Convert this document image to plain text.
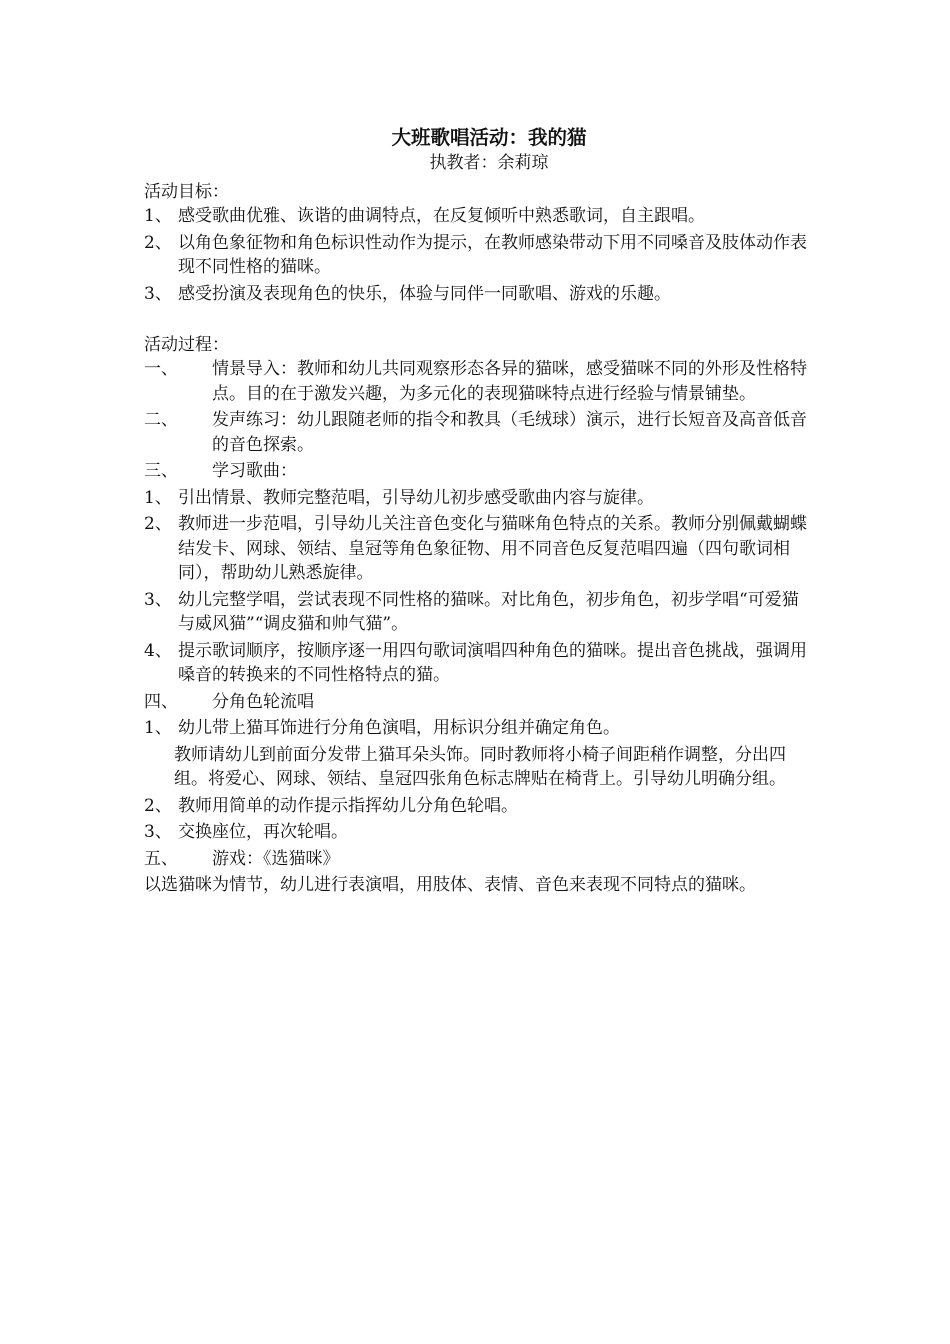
大班歌唱活动：我的猫

执教者：余莉琼

活动目标：

1、 感受歌曲优雅、诙谐的曲调特点，在反复倾听中熟悉歌词，自主跟唱。
2、 以角色象征物和角色标识性动作为提示，在教师感染带动下用不同嗓音及肢体动作表现不同性格的猫咪。
3、 感受扮演及表现角色的快乐，体验与同伴一同歌唱、游戏的乐趣。

活动过程：

一、	情景导入：教师和幼儿共同观察形态各异的猫咪，感受猫咪不同的外形及性格特点。目的在于激发兴趣，为多元化的表现猫咪特点进行经验与情景铺垫。
二、	发声练习：幼儿跟随老师的指令和教具（毛绒球）演示，进行长短音及高音低音的音色探索。
三、	学习歌曲：
1、 引出情景、教师完整范唱，引导幼儿初步感受歌曲内容与旋律。
2、 教师进一步范唱，引导幼儿关注音色变化与猫咪角色特点的关系。教师分别佩戴蝴蝶结发卡、网球、领结、皇冠等角色象征物、用不同音色反复范唱四遍（四句歌词相同），帮助幼儿熟悉旋律。
3、 幼儿完整学唱，尝试表现不同性格的猫咪。对比角色，初步角色，初步学唱“可爱猫与威风猫”“调皮猫和帅气猫”。
4、 提示歌词顺序，按顺序逐一用四句歌词演唱四种角色的猫咪。提出音色挑战，强调用嗓音的转换来的不同性格特点的猫。
四、	分角色轮流唱
1、 幼儿带上猫耳饰进行分角色演唱，用标识分组并确定角色。

教师请幼儿到前面分发带上猫耳朵头饰。同时教师将小椅子间距稍作调整，分出四组。将爱心、网球、领结、皇冠四张角色标志牌贴在椅背上。引导幼儿明确分组。

2、 教师用简单的动作提示指挥幼儿分角色轮唱。
3、 交换座位，再次轮唱。
五、	游戏：《选猫咪》

以选猫咪为情节，幼儿进行表演唱，用肢体、表情、音色来表现不同特点的猫咪。
